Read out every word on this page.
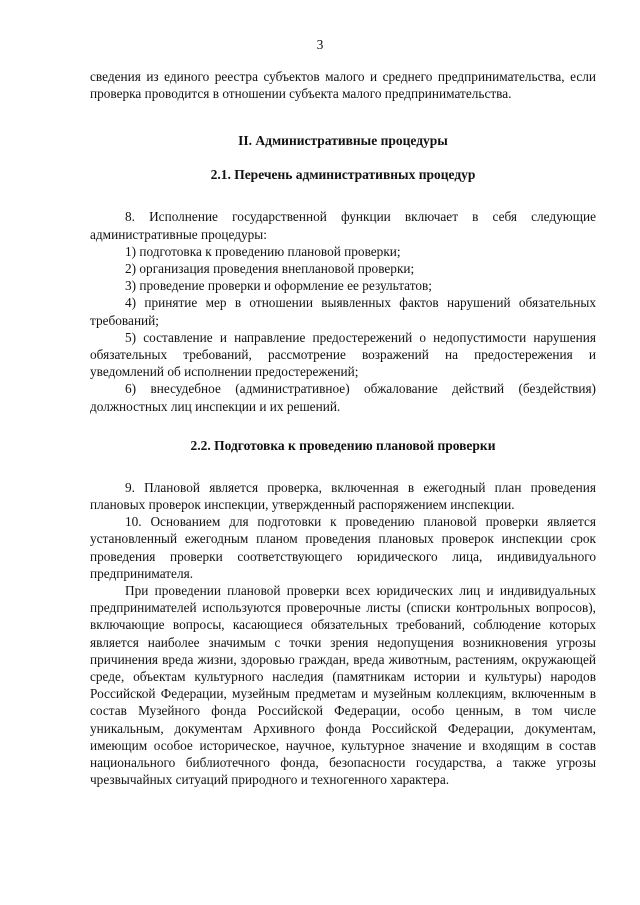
3

сведения из единого реестра субъектов малого и среднего предпринимательства, если проверка проводится в отношении субъекта малого предпринимательства.

II. Административные процедуры

2.1. Перечень административных процедур

8. Исполнение государственной функции включает в себя следующие административные процедуры:

1) подготовка к проведению плановой проверки;

2) организация проведения внеплановой проверки;

3) проведение проверки и оформление ее результатов;

4) принятие мер в отношении выявленных фактов нарушений обязательных требований;

5) составление и направление предостережений о недопустимости нарушения обязательных требований, рассмотрение возражений на предостережения и уведомлений об исполнении предостережений;

6) внесудебное (административное) обжалование действий (бездействия) должностных лиц инспекции и их решений.

2.2. Подготовка к проведению плановой проверки

9. Плановой является проверка, включенная в ежегодный план проведения плановых проверок инспекции, утвержденный распоряжением инспекции.

10. Основанием для подготовки к проведению плановой проверки является установленный ежегодным планом проведения плановых проверок инспекции срок проведения проверки соответствующего юридического лица, индивидуального предпринимателя.

При проведении плановой проверки всех юридических лиц и индивидуальных предпринимателей используются проверочные листы (списки контрольных вопросов), включающие вопросы, касающиеся обязательных требований, соблюдение которых является наиболее значимым с точки зрения недопущения возникновения угрозы причинения вреда жизни, здоровью граждан, вреда животным, растениям, окружающей среде, объектам культурного наследия (памятникам истории и культуры) народов Российской Федерации, музейным предметам и музейным коллекциям, включенным в состав Музейного фонда Российской Федерации, особо ценным, в том числе уникальным, документам Архивного фонда Российской Федерации, документам, имеющим особое историческое, научное, культурное значение и входящим в состав национального библиотечного фонда, безопасности государства, а также угрозы чрезвычайных ситуаций природного и техногенного характера.
